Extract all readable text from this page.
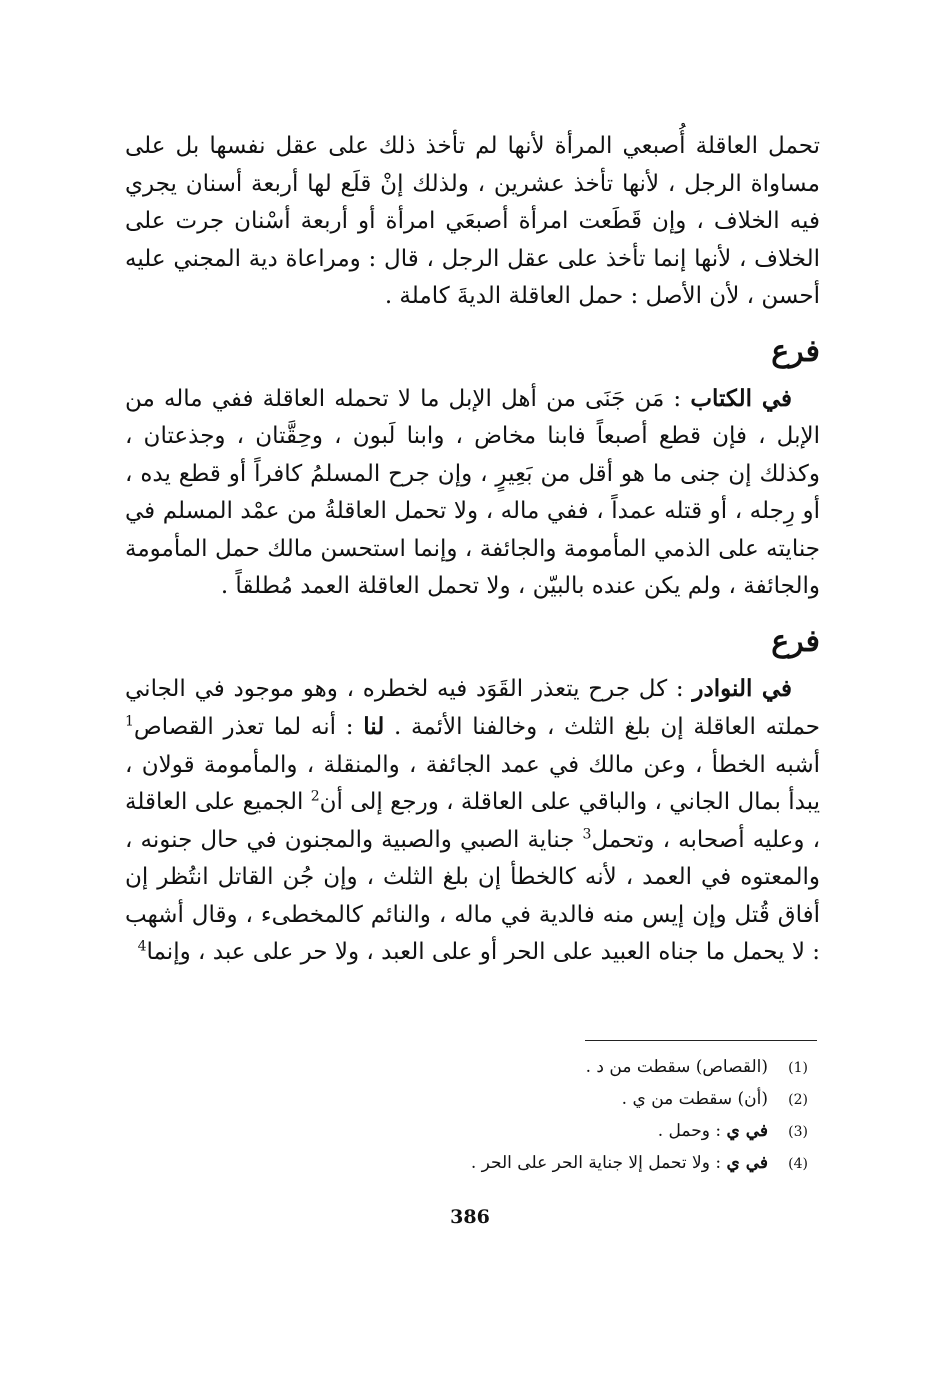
تحمل العاقلة أُصبعي المرأة لأنها لم تأخذ ذلك على عقل نفسها بل على مساواة الرجل ، لأنها تأخذ عشرين ، ولذلك إنْ قلَع لها أربعة أسنان يجري فيه الخلاف ، وإن قَطَعت امرأة أصبعَي امرأة أو أربعة أسْنان جرت على الخلاف ، لأنها إنما تأخذ على عقل الرجل ، قال : ومراعاة دية المجني عليه أحسن ، لأن الأصل : حمل العاقلة الديةَ كاملة .

فرع

في الكتاب : مَن جَنَى من أهل الإبل ما لا تحمله العاقلة ففي ماله من الإبل ، فإن قطع أصبعاً فابنا مخاض ، وابنا لَبون ، وحِقَّتان ، وجذعتان ، وكذلك إن جنى ما هو أقل من بَعِيرٍ ، وإن جرح المسلمُ كافراً أو قطع يده ، أو رِجله ، أو قتله عمداً ، ففي ماله ، ولا تحمل العاقلةُ من عمْد المسلم في جنايته على الذمي المأمومة والجائفة ، وإنما استحسن مالك حمل المأمومة والجائفة ، ولم يكن عنده بالبيّن ، ولا تحمل العاقلة العمد مُطلقاً .

فرع

في النوادر : كل جرح يتعذر القَوَد فيه لخطره ، وهو موجود في الجاني حملته العاقلة إن بلغ الثلث ، وخالفنا الأئمة . لنا : أنه لما تعذر القصاص$^1$ أشبه الخطأ ، وعن مالك في عمد الجائفة ، والمنقلة ، والمأمومة قولان ، يبدأ بمال الجاني ، والباقي على العاقلة ، ورجع إلى أن$^2$ الجميع على العاقلة ، وعليه أصحابه ، وتحمل$^3$ جناية الصبي والصبية والمجنون في حال جنونه ، والمعتوه في العمد ، لأنه كالخطأ إن بلغ الثلث ، وإن جُن القاتل انتُظر إن أفاق قُتل وإن إيس منه فالدية في ماله ، والنائم كالمخطىء ، وقال أشهب : لا يحمل ما جناه العبيد على الحر أو على العبد ، ولا حر على عبد ، وإنما$^4$

(1)(القصاص) سقطت من د .
(2)(أن) سقطت من ي .
(3)في ي : وحمل .
(4)في ي : ولا تحمل إلا جناية الحر على الحر .
386
